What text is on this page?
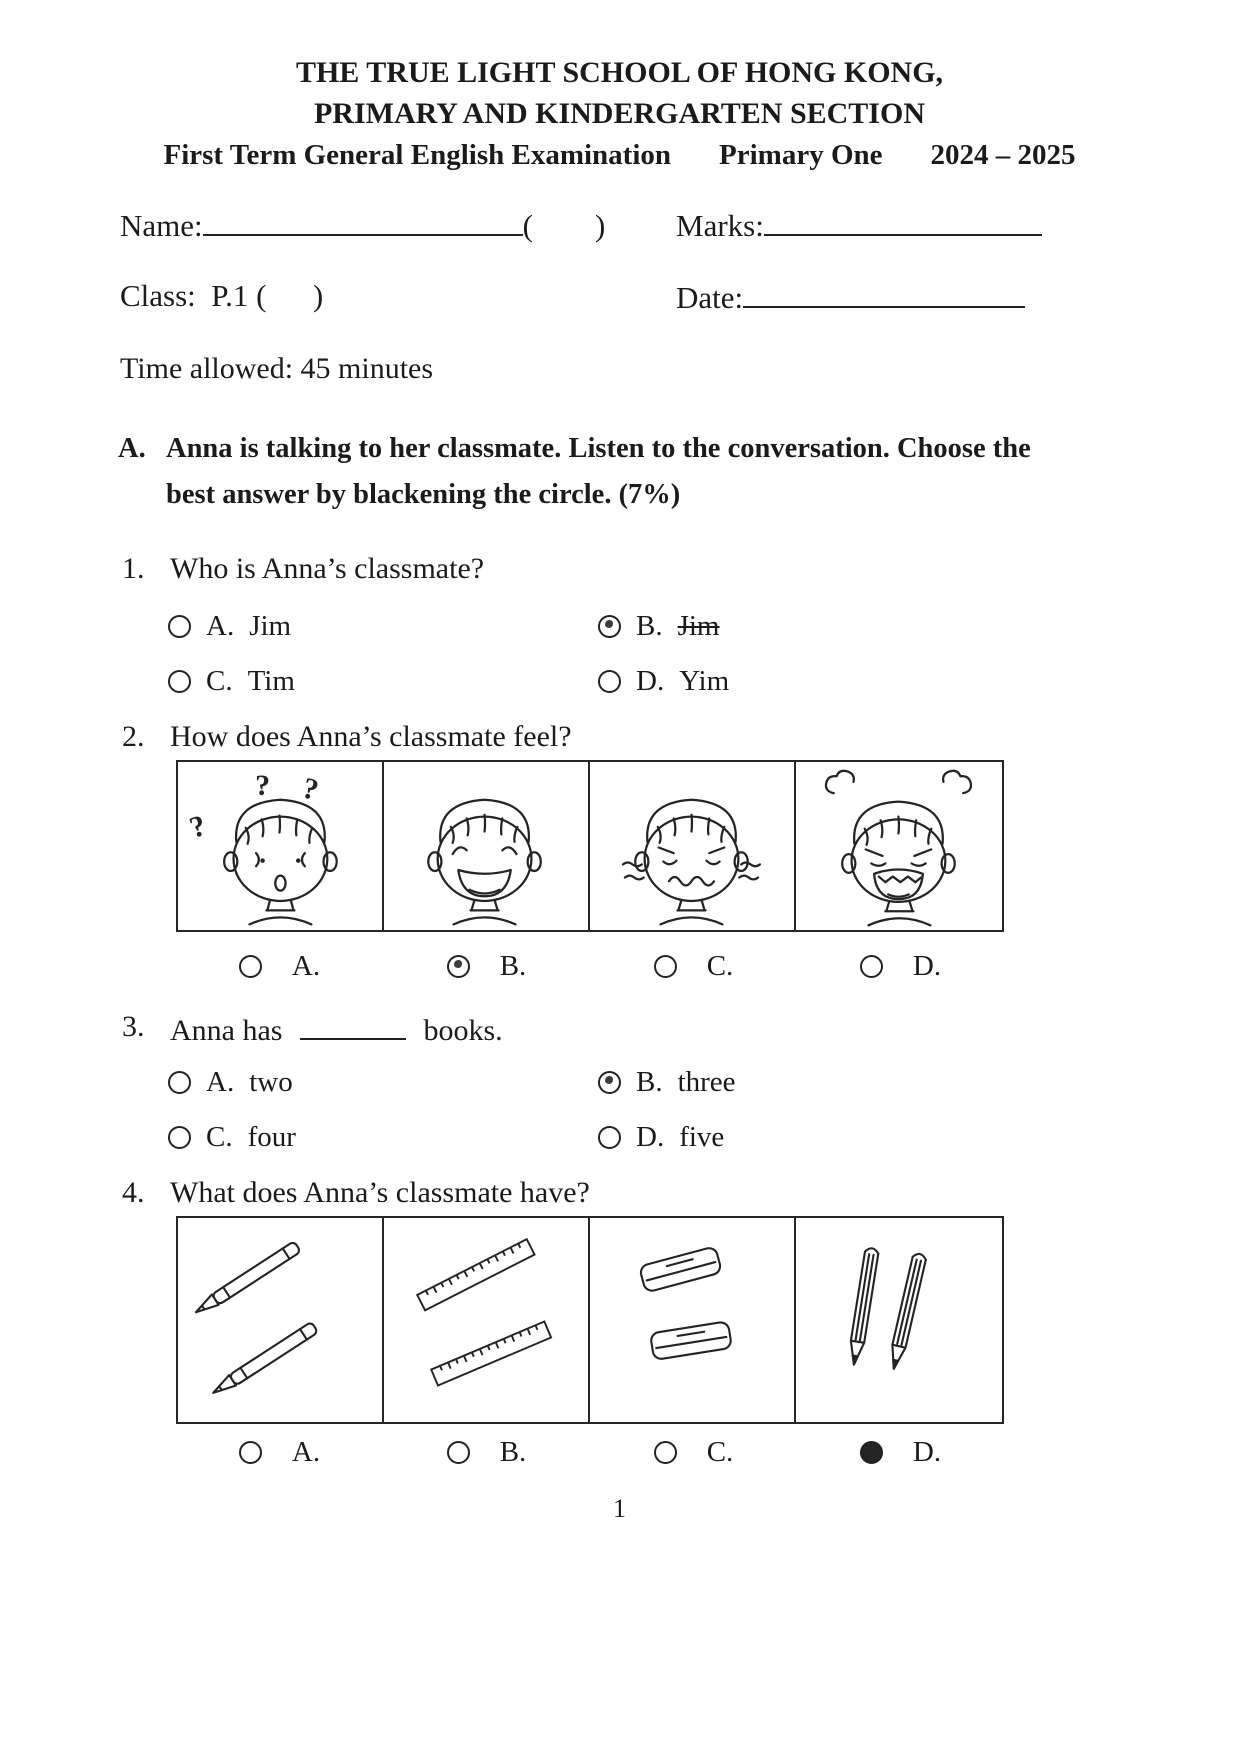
THE TRUE LIGHT SCHOOL OF HONG KONG,
PRIMARY AND KINDERGARTEN SECTION
First Term General English Examination Primary One 2024 – 2025
Name:	(        ) Marks:
Class: P.1 (      )	Date:
Time allowed: 45 minutes
A. Anna is talking to her classmate. Listen to the conversation. Choose the best answer by blackening the circle. (7%)
1. Who is Anna’s classmate?
A. Jim	B. Jim
C. Tim	D. Yim
2. How does Anna’s classmate feel?
?
? ?
A.	B.	C.	D.
3. Anna has	books.
A. two	B. three
C. four	D. five
4. What does Anna’s classmate have?
A.	B.	C.	D.
1
